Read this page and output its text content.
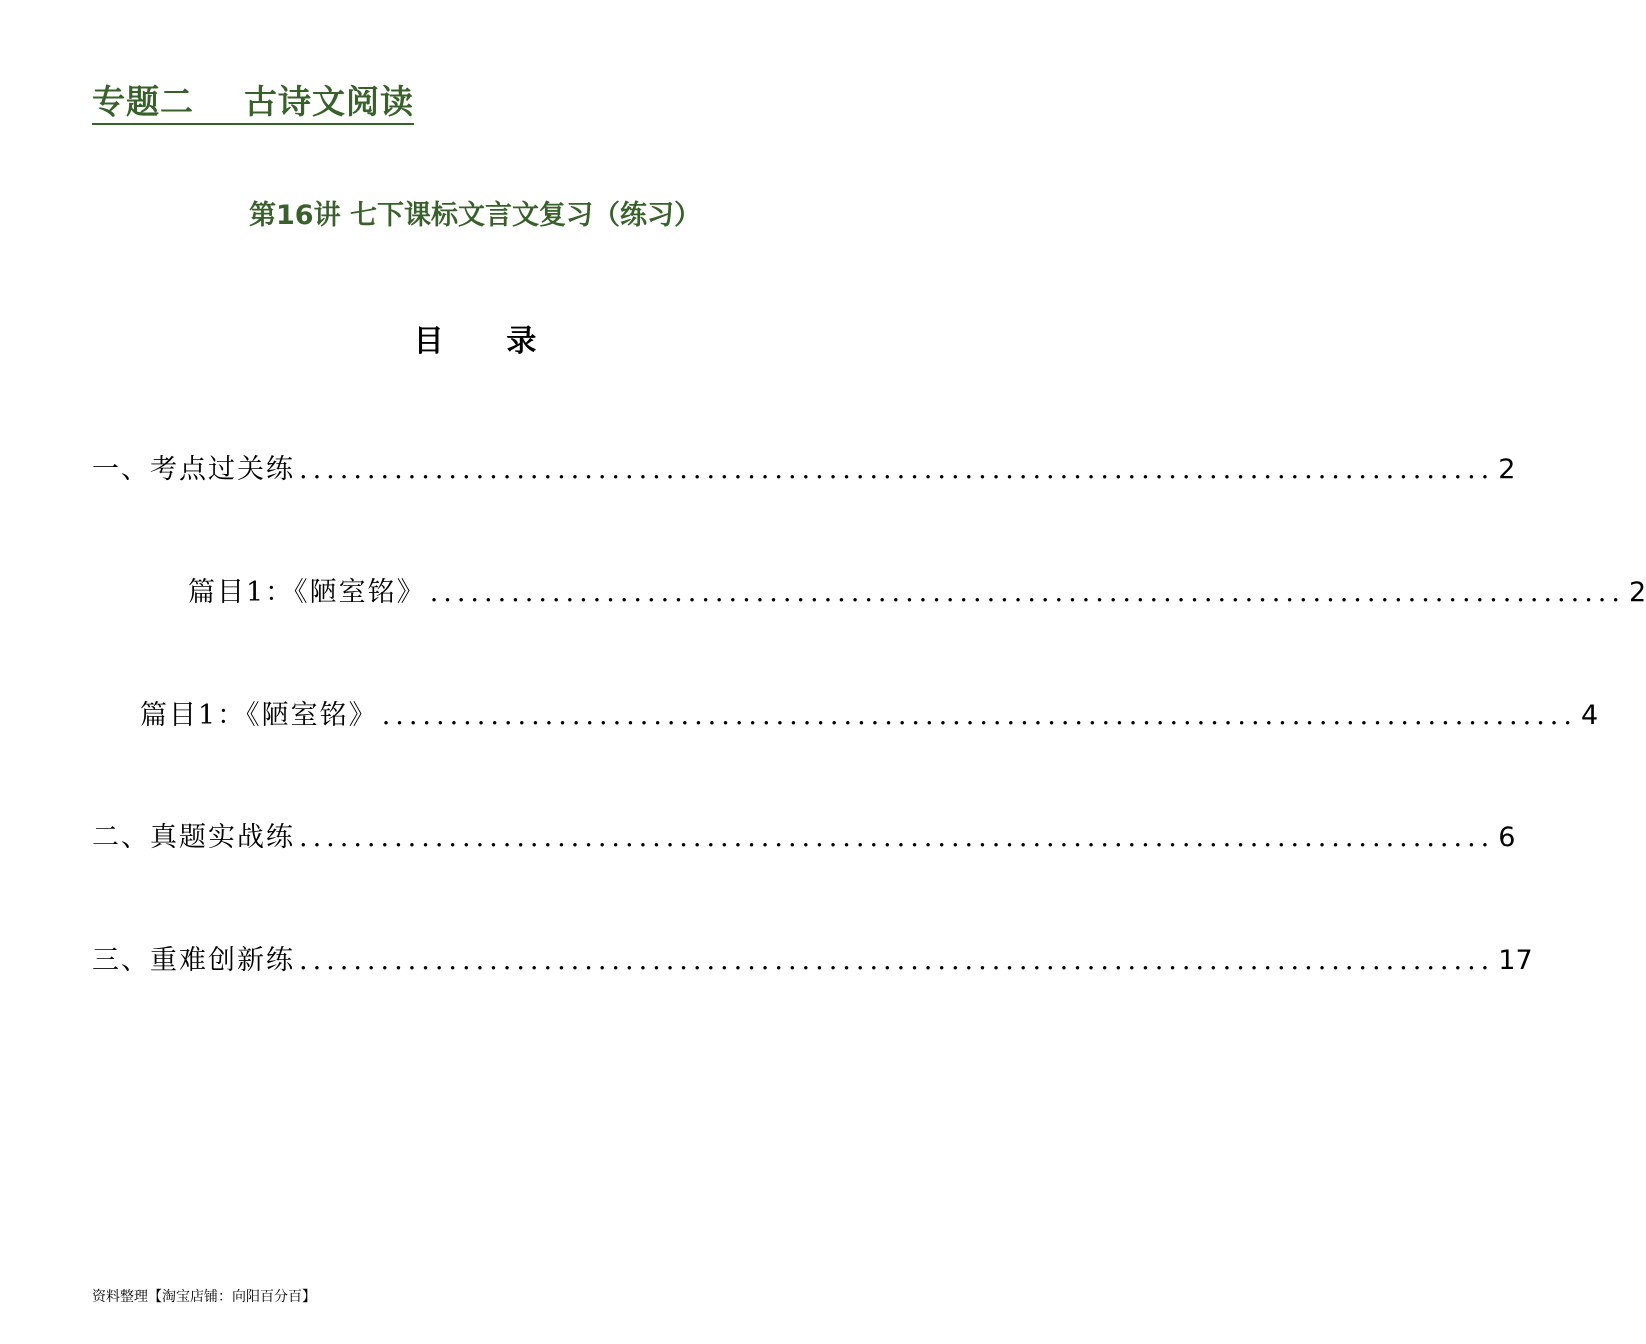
专题二    古诗文阅读
第16讲 七下课标文言文复习（练习）
目      录
一、考点过关练 ........................................................................................ 2
篇目1：《陋室铭》 ........................................................................................ 2
篇目1：《陋室铭》 ........................................................................................ 4
二、真题实战练 ........................................................................................ 6
三、重难创新练 ........................................................................................ 17
资料整理【淘宝店铺：向阳百分百】
